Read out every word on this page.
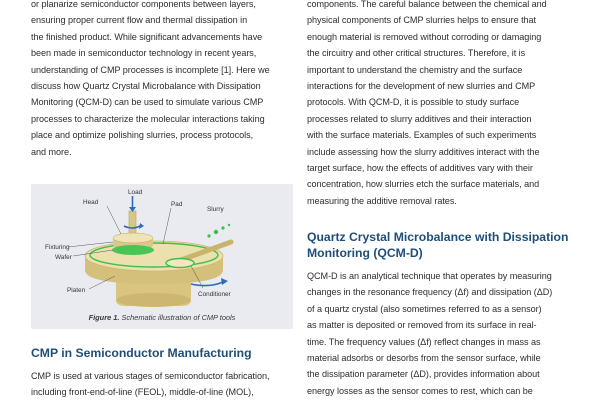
or planarize semiconductor components between layers,
ensuring proper current flow and thermal dissipation in
the finished product. While significant advancements have
been made in semiconductor technology in recent years,
understanding of CMP processes is incomplete [1]. Here we
discuss how Quartz Crystal Microbalance with Dissipation
Monitoring (QCM-D) can be used to simulate various CMP
processes to characterize the molecular interactions taking
place and optimize polishing slurries, process protocols,
and more.
Load
Slurry
Head	Pad
Fixturing
Wafer
Platen
Conditioner
Figure 1. Schematic illustration of CMP tools
CMP in Semiconductor Manufacturing
CMP is used at various stages of semiconductor fabrication,
including front-end-of-line (FEOL), middle-of-line (MOL),
components. The careful balance between the chemical and
physical components of CMP slurries helps to ensure that
enough material is removed without corroding or damaging
the circuitry and other critical structures. Therefore, it is
important to understand the chemistry and the surface
interactions for the development of new slurries and CMP
protocols. With QCM-D, it is possible to study surface
processes related to slurry additives and their interaction
with the surface materials. Examples of such experiments
include assessing how the slurry additives interact with the
target surface, how the effects of additives vary with their
concentration, how slurries etch the surface materials, and
measuring the additive removal rates.
Quartz Crystal Microbalance with Dissipation
Monitoring (QCM-D)
QCM-D is an analytical technique that operates by measuring
changes in the resonance frequency (Δf) and dissipation (ΔD)
of a quartz crystal (also sometimes referred to as a sensor)
as matter is deposited or removed from its surface in real-
time. The frequency values (Δf) reflect changes in mass as
material adsorbs or desorbs from the sensor surface, while
the dissipation parameter (ΔD), provides information about
energy losses as the sensor comes to rest, which can be
